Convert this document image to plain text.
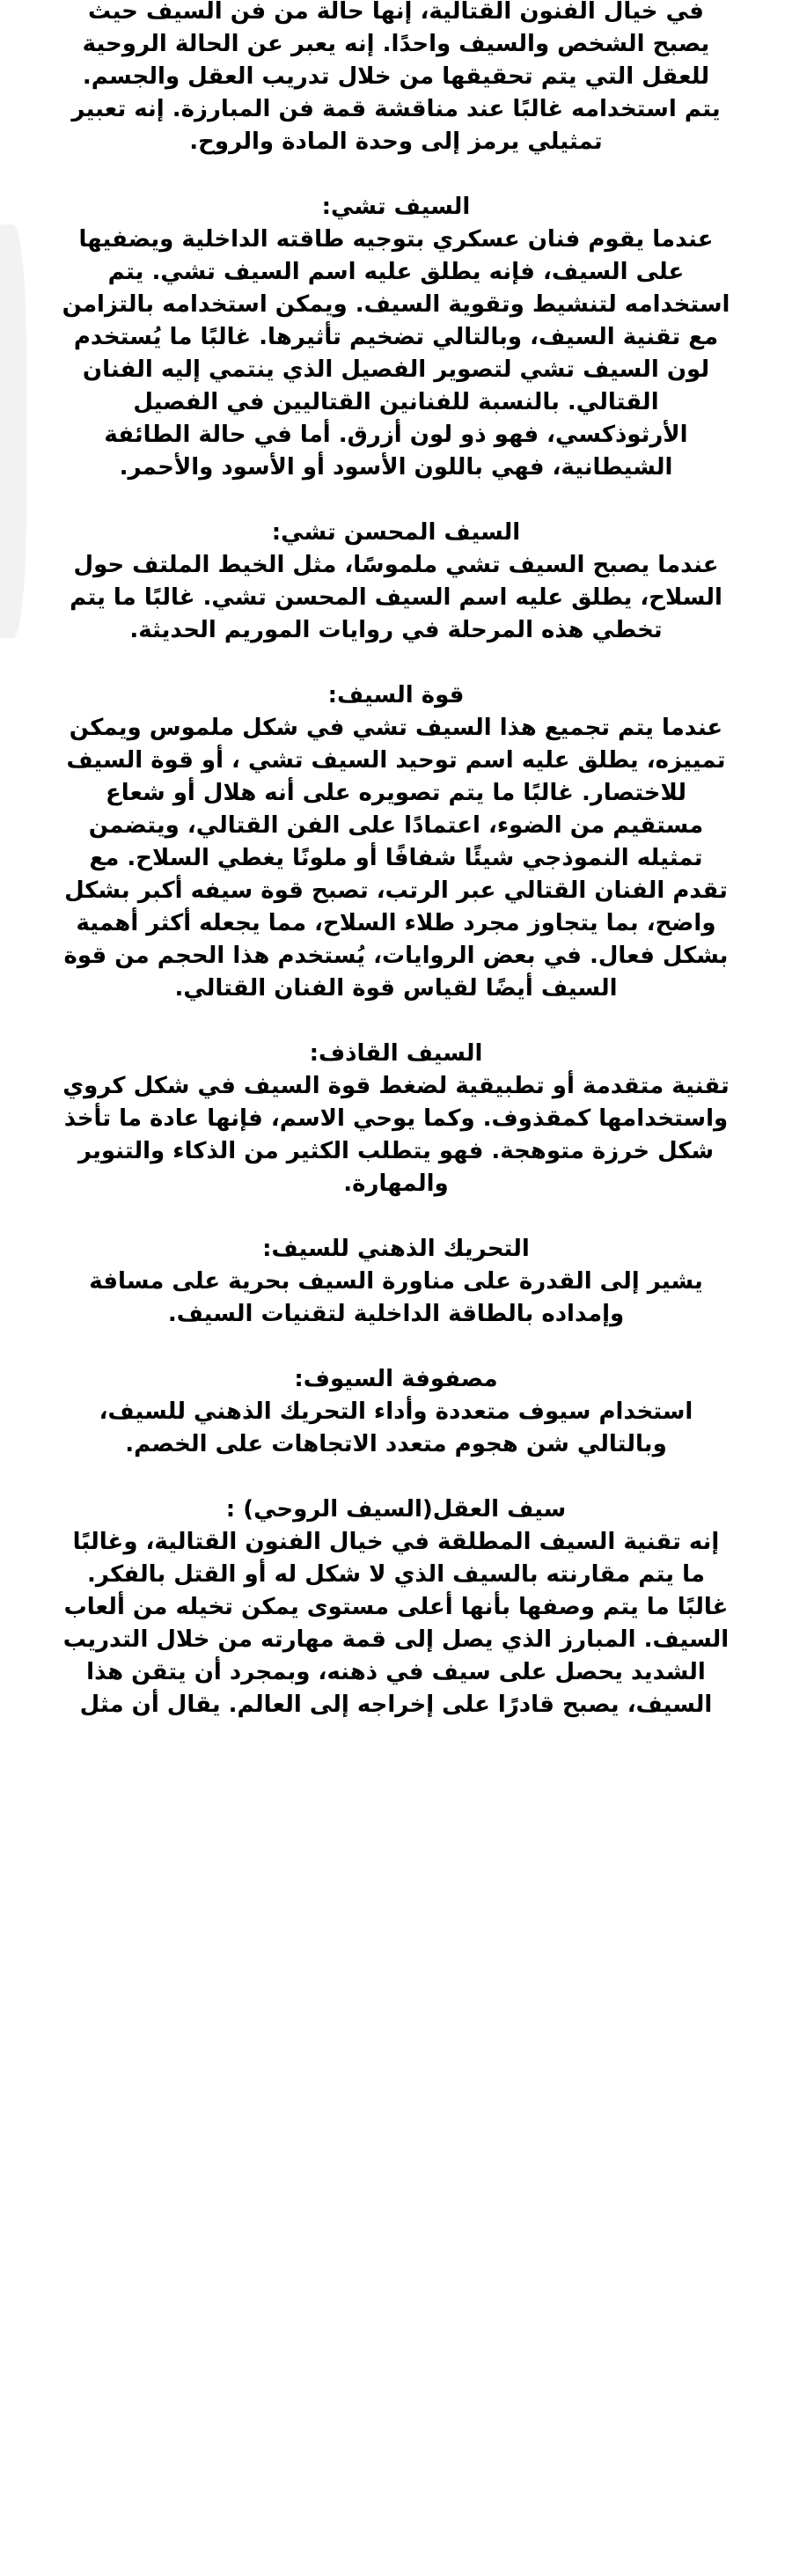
في خيال الفنون القتالية، إنها حالة من فن السيف حيث يصبح الشخص والسيف واحدًا. إنه يعبر عن الحالة الروحية للعقل التي يتم تحقيقها من خلال تدريب العقل والجسم. يتم استخدامه غالبًا عند مناقشة قمة فن المبارزة. إنه تعبير تمثيلي يرمز إلى وحدة المادة والروح.

السيف تشي:

عندما يقوم فنان عسكري بتوجيه طاقته الداخلية ويضفيها على السيف، فإنه يطلق عليه اسم السيف تشي. يتم استخدامه لتنشيط وتقوية السيف. ويمكن استخدامه بالتزامن مع تقنية السيف، وبالتالي تضخيم تأثيرها. غالبًا ما يُستخدم لون السيف تشي لتصوير الفصيل الذي ينتمي إليه الفنان القتالي. بالنسبة للفنانين القتاليين في الفصيل الأرثوذكسي، فهو ذو لون أزرق. أما في حالة الطائفة الشيطانية، فهي باللون الأسود أو الأسود والأحمر.

السيف المحسن تشي:

عندما يصبح السيف تشي ملموسًا، مثل الخيط الملتف حول السلاح، يطلق عليه اسم السيف المحسن تشي. غالبًا ما يتم تخطي هذه المرحلة في روايات الموريم الحديثة.

قوة السيف:

عندما يتم تجميع هذا السيف تشي في شكل ملموس ويمكن تمييزه، يطلق عليه اسم توحيد السيف تشي ، أو قوة السيف للاختصار. غالبًا ما يتم تصويره على أنه هلال أو شعاع مستقيم من الضوء، اعتمادًا على الفن القتالي، ويتضمن تمثيله النموذجي شيئًا شفافًا أو ملونًا يغطي السلاح. مع تقدم الفنان القتالي عبر الرتب، تصبح قوة سيفه أكبر بشكل واضح، بما يتجاوز مجرد طلاء السلاح، مما يجعله أكثر أهمية بشكل فعال. في بعض الروايات، يُستخدم هذا الحجم من قوة السيف أيضًا لقياس قوة الفنان القتالي.

السيف القاذف:

تقنية متقدمة أو تطبيقية لضغط قوة السيف في شكل كروي واستخدامها كمقذوف. وكما يوحي الاسم، فإنها عادة ما تأخذ شكل خرزة متوهجة. فهو يتطلب الكثير من الذكاء والتنوير والمهارة.

التحريك الذهني للسيف:

يشير إلى القدرة على مناورة السيف بحرية على مسافة وإمداده بالطاقة الداخلية لتقنيات السيف.

مصفوفة السيوف:

استخدام سيوف متعددة وأداء التحريك الذهني للسيف، وبالتالي شن هجوم متعدد الاتجاهات على الخصم.

سيف العقل(السيف الروحي) :

إنه تقنية السيف المطلقة في خيال الفنون القتالية، وغالبًا ما يتم مقارنته بالسيف الذي لا شكل له أو القتل بالفكر. غالبًا ما يتم وصفها بأنها أعلى مستوى يمكن تخيله من ألعاب السيف. المبارز الذي يصل إلى قمة مهارته من خلال التدريب الشديد يحصل على سيف في ذهنه، وبمجرد أن يتقن هذا السيف، يصبح قادرًا على إخراجه إلى العالم. يقال أن مثل
